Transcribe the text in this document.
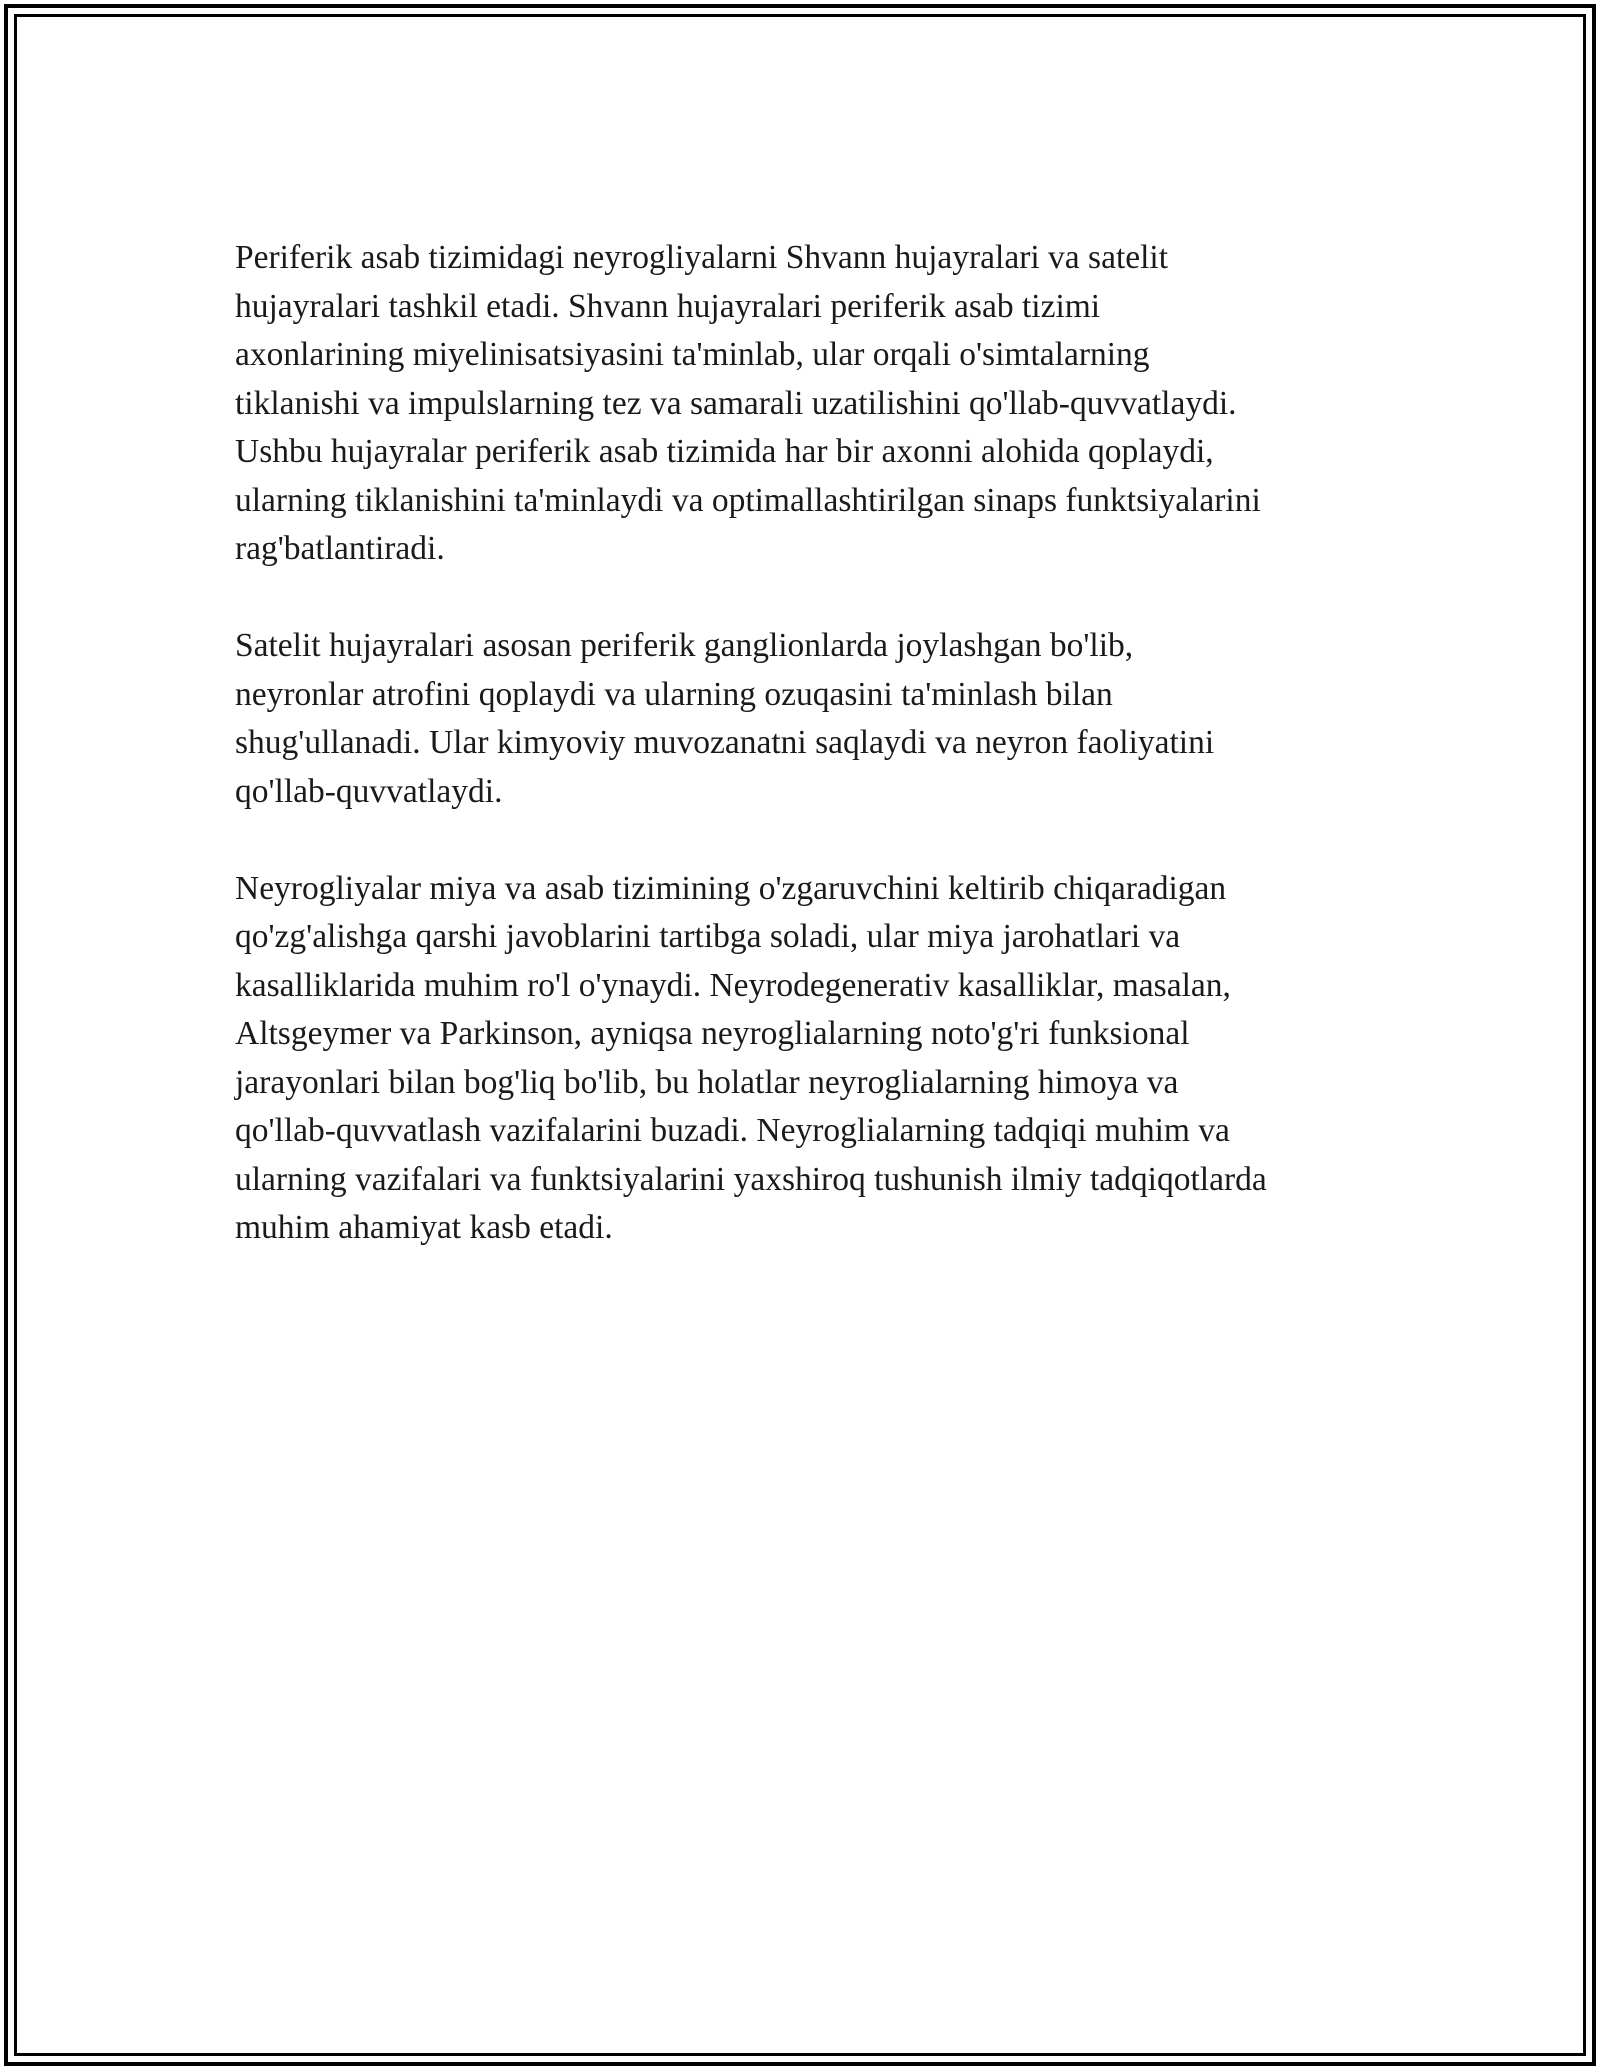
Periferik asab tizimidagi neyrogliyalarni Shvann hujayralari va satelit
hujayralari tashkil etadi. Shvann hujayralari periferik asab tizimi
axonlarining miyelinisatsiyasini ta'minlab, ular orqali o'simtalarning
tiklanishi va impulslarning tez va samarali uzatilishini qo'llab-quvvatlaydi.
Ushbu hujayralar periferik asab tizimida har bir axonni alohida qoplaydi,
ularning tiklanishini ta'minlaydi va optimallashtirilgan sinaps funktsiyalarini
rag'batlantiradi.

Satelit hujayralari asosan periferik ganglionlarda joylashgan bo'lib,
neyronlar atrofini qoplaydi va ularning ozuqasini ta'minlash bilan
shug'ullanadi. Ular kimyoviy muvozanatni saqlaydi va neyron faoliyatini
qo'llab-quvvatlaydi.

Neyrogliyalar miya va asab tizimining o'zgaruvchini keltirib chiqaradigan
qo'zg'alishga qarshi javoblarini tartibga soladi, ular miya jarohatlari va
kasalliklarida muhim ro'l o'ynaydi. Neyrodegenerativ kasalliklar, masalan,
Altsgeymer va Parkinson, ayniqsa neyroglialarning noto'g'ri funksional
jarayonlari bilan bog'liq bo'lib, bu holatlar neyroglialarning himoya va
qo'llab-quvvatlash vazifalarini buzadi. Neyroglialarning tadqiqi muhim va
ularning vazifalari va funktsiyalarini yaxshiroq tushunish ilmiy tadqiqotlarda
muhim ahamiyat kasb etadi.
